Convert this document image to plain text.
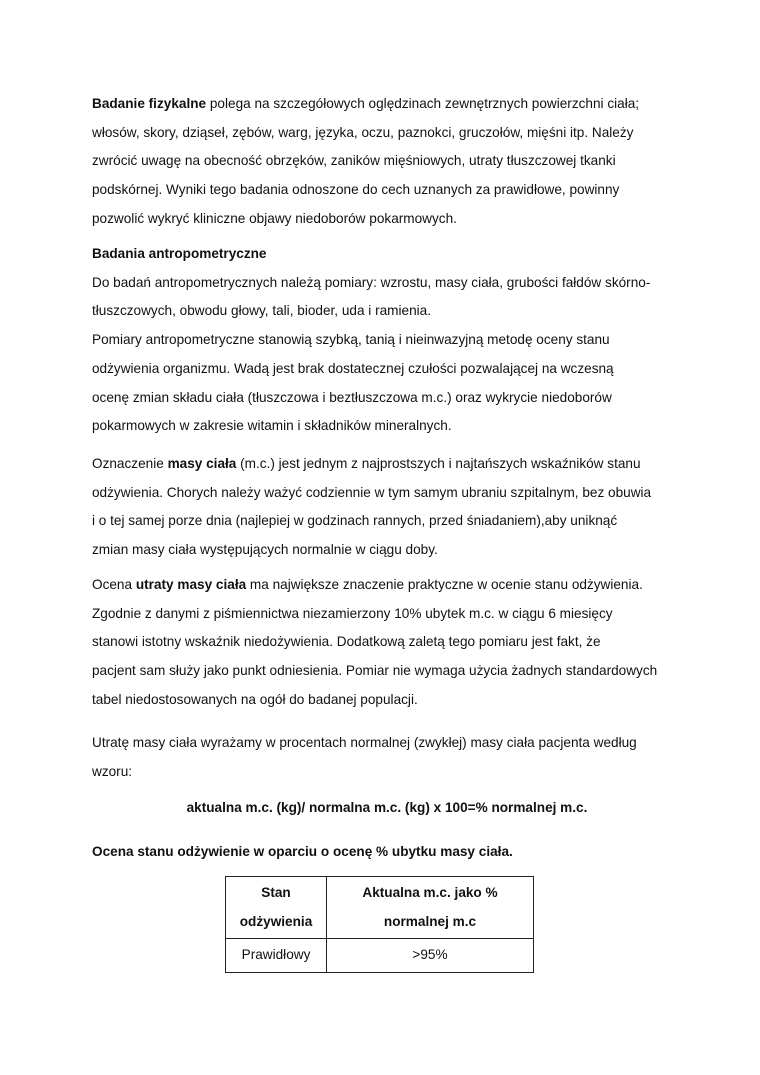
Badanie fizykalne polega na szczegółowych oględzinach zewnętrznych powierzchni ciała;
włosów, skory, dziąseł, zębów, warg, języka, oczu, paznokci, gruczołów, mięśni itp. Należy
zwrócić uwagę na obecność obrzęków, zaników mięśniowych, utraty tłuszczowej tkanki
podskórnej. Wyniki tego badania odnoszone do cech uznanych za prawidłowe, powinny
pozwolić wykryć kliniczne objawy niedoborów pokarmowych.

Badania antropometryczne
Do badań antropometrycznych należą pomiary: wzrostu, masy ciała, grubości fałdów skórno-
tłuszczowych, obwodu głowy, tali, bioder, uda i ramienia.
Pomiary antropometryczne stanowią szybką, tanią i nieinwazyjną metodę oceny stanu
odżywienia organizmu. Wadą jest brak dostatecznej czułości pozwalającej na wczesną
ocenę zmian składu ciała (tłuszczowa i beztłuszczowa m.c.) oraz wykrycie niedoborów
pokarmowych w zakresie witamin i składników mineralnych.

Oznaczenie masy ciała (m.c.) jest jednym z najprostszych i najtańszych wskaźników stanu
odżywienia. Chorych należy ważyć codziennie w tym samym ubraniu szpitalnym, bez obuwia
i o tej samej porze dnia (najlepiej w godzinach rannych, przed śniadaniem),aby uniknąć
zmian masy ciała występujących normalnie w ciągu doby.

Ocena utraty masy ciała ma największe znaczenie praktyczne w ocenie stanu odżywienia.
Zgodnie z danymi z piśmiennictwa niezamierzony 10% ubytek m.c. w ciągu 6 miesięcy
stanowi istotny wskaźnik niedożywienia. Dodatkową zaletą tego pomiaru jest fakt, że
pacjent sam służy jako punkt odniesienia. Pomiar nie wymaga użycia żadnych standardowych
tabel niedostosowanych na ogół do badanej populacji.

Utratę masy ciała wyrażamy w procentach normalnej (zwykłej) masy ciała pacjenta według
wzoru:

aktualna m.c. (kg)/ normalna m.c. (kg) x 100=% normalnej m.c.

Ocena stanu odżywienie w oparciu o ocenę % ubytku masy ciała.

Stan
odżywienia	Aktualna m.c. jako %
normalnej m.c

Prawidłowy	>95%
